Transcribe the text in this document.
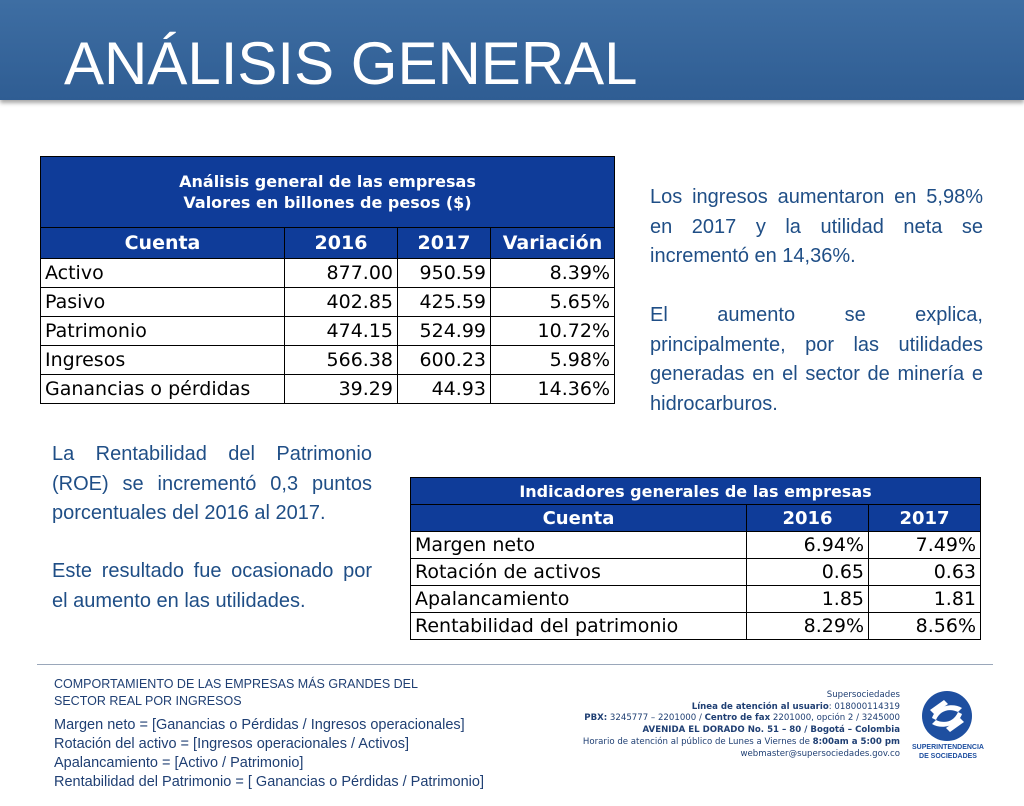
ANÁLISIS GENERAL
Análisis general de las empresas
Valores en billones de pesos ($)			
Cuenta	2016	2017	Variación
Activo	877.00	950.59	8.39%
Pasivo	402.85	425.59	5.65%
Patrimonio	474.15	524.99	10.72%
Ingresos	566.38	600.23	5.98%
Ganancias o pérdidas	39.29	44.93	14.36%

Los ingresos aumentaron en 5,98% en 2017 y la utilidad neta se incrementó en 14,36%.

El aumento se explica, principalmente, por las utilidades generadas en el sector de minería e hidrocarburos.

La Rentabilidad del Patrimonio (ROE) se incrementó 0,3 puntos porcentuales del 2016 al 2017.

Este resultado fue ocasionado por el aumento en las utilidades.

Indicadores generales de las empresas		
Cuenta	2016	2017
Margen neto	6.94%	7.49%
Rotación de activos	0.65	0.63
Apalancamiento	1.85	1.81
Rentabilidad del patrimonio	8.29%	8.56%

COMPORTAMIENTO DE LAS EMPRESAS MÁS GRANDES DEL SECTOR REAL POR INGRESOS

Margen neto = [Ganancias o Pérdidas / Ingresos operacionales]
Rotación del activo = [Ingresos operacionales / Activos]
Apalancamiento = [Activo / Patrimonio]
Rentabilidad del Patrimonio = [ Ganancias o Pérdidas / Patrimonio]
Supersociedades
Línea de atención al usuario: 018000114319
PBX: 3245777 – 2201000 / Centro de fax 2201000, opción 2 / 3245000
AVENIDA EL DORADO No. 51 – 80 / Bogotá – Colombia
Horario de atención al público de Lunes a Viernes de 8:00am a 5:00 pm
webmaster@supersociedades.gov.co

SUPERINTENDENCIA
DE SOCIEDADES
